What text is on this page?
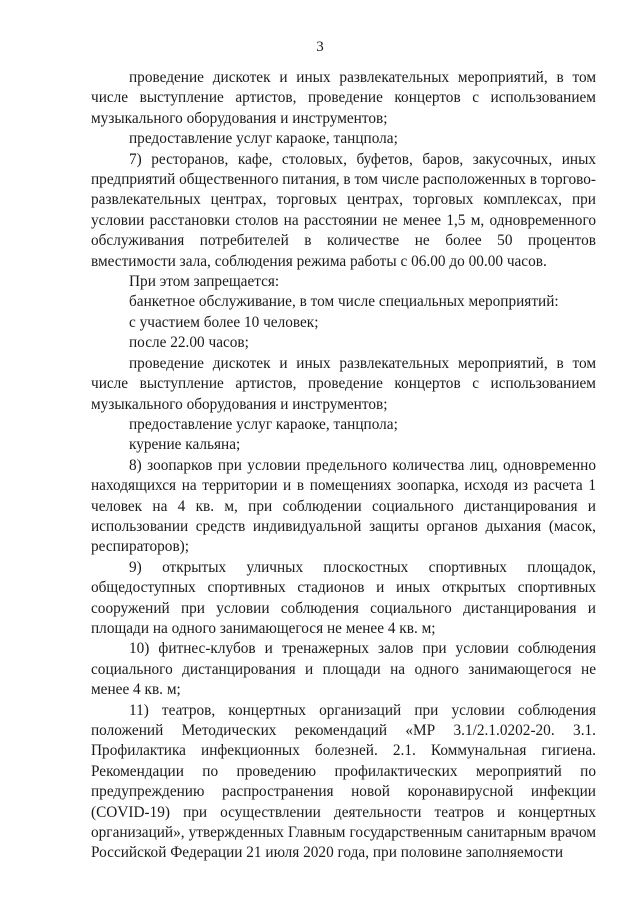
3

проведение дискотек и иных развлекательных мероприятий, в том числе выступление артистов, проведение концертов с использованием музыкального оборудования и инструментов;

предоставление услуг караоке, танцпола;

7) ресторанов, кафе, столовых, буфетов, баров, закусочных, иных предприятий общественного питания, в том числе расположенных в торгово-развлекательных центрах, торговых центрах, торговых комплексах, при условии расстановки столов на расстоянии не менее 1,5 м, одновременного обслуживания потребителей в количестве не более 50 процентов вместимости зала, соблюдения режима работы с 06.00 до 00.00 часов.

При этом запрещается:

банкетное обслуживание, в том числе специальных мероприятий:

с участием более 10 человек;

после 22.00 часов;

проведение дискотек и иных развлекательных мероприятий, в том числе выступление артистов, проведение концертов с использованием музыкального оборудования и инструментов;

предоставление услуг караоке, танцпола;

курение кальяна;

8) зоопарков при условии предельного количества лиц, одновременно находящихся на территории и в помещениях зоопарка, исходя из расчета 1 человек на 4 кв. м, при соблюдении социального дистанцирования и использовании средств индивидуальной защиты органов дыхания (масок, респираторов);

9) открытых уличных плоскостных спортивных площадок, общедоступных спортивных стадионов и иных открытых спортивных сооружений при условии соблюдения социального дистанцирования и площади на одного занимающегося не менее 4 кв. м;

10) фитнес-клубов и тренажерных залов при условии соблюдения социального дистанцирования и площади на одного занимающегося не менее 4 кв. м;

11) театров, концертных организаций при условии соблюдения положений Методических рекомендаций «МР 3.1/2.1.0202-20. 3.1. Профилактика инфекционных болезней. 2.1. Коммунальная гигиена. Рекомендации по проведению профилактических мероприятий по предупреждению распространения новой коронавирусной инфекции (COVID-19) при осуществлении деятельности театров и концертных организаций», утвержденных Главным государственным санитарным врачом Российской Федерации 21 июля 2020 года, при половине заполняемости
